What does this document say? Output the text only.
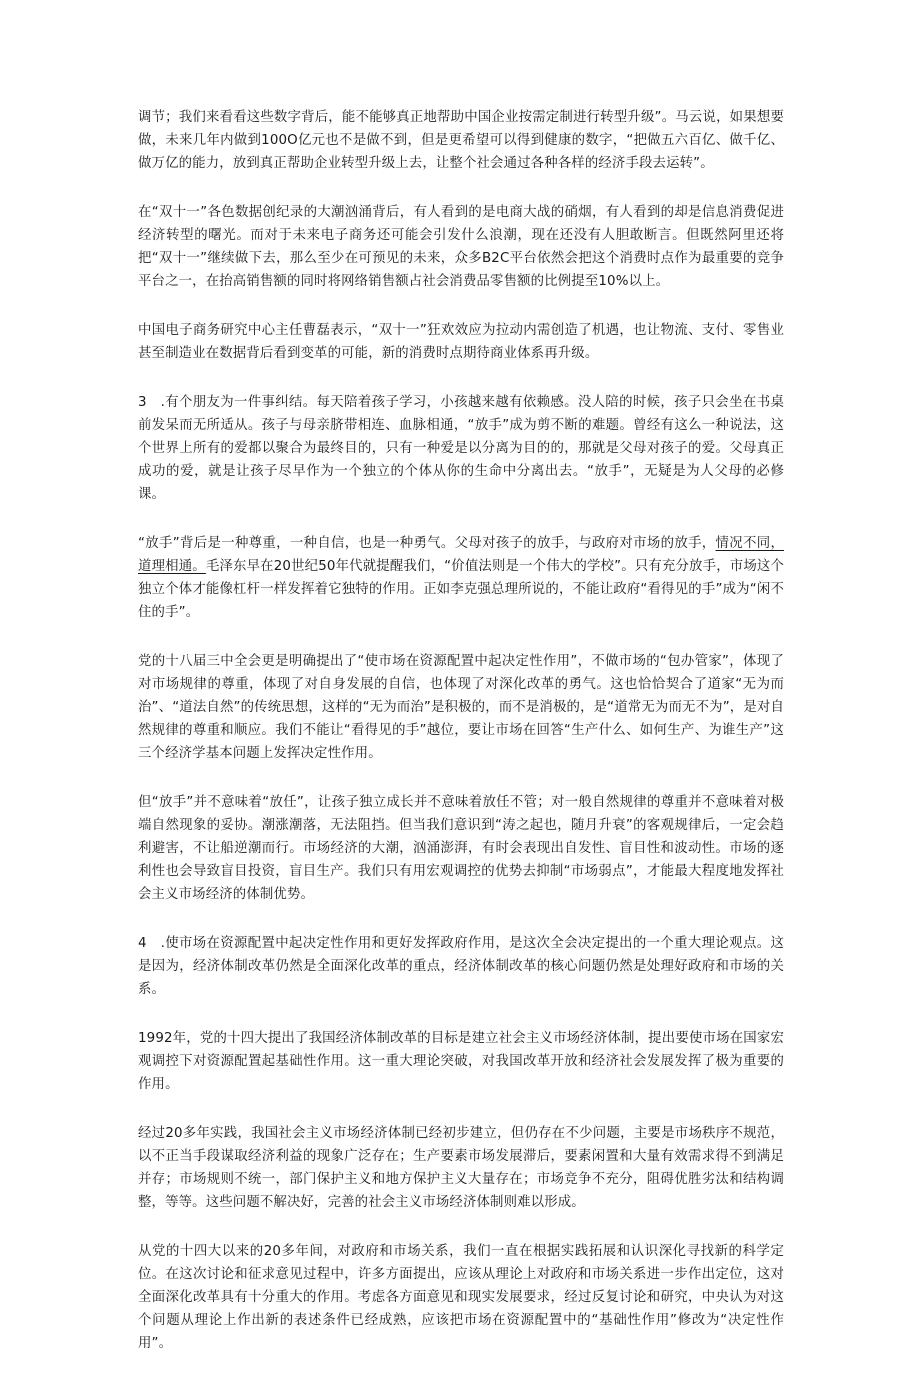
调节；我们来看看这些数字背后，能不能够真正地帮助中国企业按需定制进行转型升级”。马云说，如果想要做，未来几年内做到100O亿元也不是做不到，但是更希望可以得到健康的数字，“把做五六百亿、做千亿、做万亿的能力，放到真正帮助企业转型升级上去，让整个社会通过各种各样的经济手段去运转”。

在“双十一”各色数据创纪录的大潮汹涌背后，有人看到的是电商大战的硝烟，有人看到的却是信息消费促进经济转型的曙光。而对于未来电子商务还可能会引发什么浪潮，现在还没有人胆敢断言。但既然阿里还将把“双十一”继续做下去，那么至少在可预见的未来，众多B2C平台依然会把这个消费时点作为最重要的竞争平台之一，在抬高销售额的同时将网络销售额占社会消费品零售额的比例提至10%以上。

中国电子商务研究中心主任曹磊表示，“双十一”狂欢效应为拉动内需创造了机遇，也让物流、支付、零售业甚至制造业在数据背后看到变革的可能，新的消费时点期待商业体系再升级。

3　.有个朋友为一件事纠结。每天陪着孩子学习，小孩越来越有依赖感。没人陪的时候，孩子只会坐在书桌前发呆而无所适从。孩子与母亲脐带相连、血脉相通，“放手”成为剪不断的难题。曾经有这么一种说法，这个世界上所有的爱都以聚合为最终目的，只有一种爱是以分离为目的的，那就是父母对孩子的爱。父母真正成功的爱，就是让孩子尽早作为一个独立的个体从你的生命中分离出去。“放手”，无疑是为人父母的必修课。

“放手”背后是一种尊重，一种自信，也是一种勇气。父母对孩子的放手，与政府对市场的放手，情况不同，道理相通。毛泽东早在20世纪50年代就提醒我们，“价值法则是一个伟大的学校”。只有充分放手，市场这个独立个体才能像杠杆一样发挥着它独特的作用。正如李克强总理所说的，不能让政府“看得见的手”成为“闲不住的手”。

党的十八届三中全会更是明确提出了“使市场在资源配置中起决定性作用”，不做市场的“包办管家”，体现了对市场规律的尊重，体现了对自身发展的自信，也体现了对深化改革的勇气。这也恰恰契合了道家“无为而治”、“道法自然”的传统思想，这样的“无为而治”是积极的，而不是消极的，是“道常无为而无不为”，是对自然规律的尊重和顺应。我们不能让“看得见的手”越位，要让市场在回答“生产什么、如何生产、为谁生产”这三个经济学基本问题上发挥决定性作用。

但“放手”并不意味着“放任”，让孩子独立成长并不意味着放任不管；对一般自然规律的尊重并不意味着对极端自然现象的妥协。潮涨潮落，无法阻挡。但当我们意识到“涛之起也，随月升衰”的客观规律后，一定会趋利避害，不让船逆潮而行。市场经济的大潮，汹涌澎湃，有时会表现出自发性、盲目性和波动性。市场的逐利性也会导致盲目投资，盲目生产。我们只有用宏观调控的优势去抑制“市场弱点”，才能最大程度地发挥社会主义市场经济的体制优势。

4　.使市场在资源配置中起决定性作用和更好发挥政府作用，是这次全会决定提出的一个重大理论观点。这是因为，经济体制改革仍然是全面深化改革的重点，经济体制改革的核心问题仍然是处理好政府和市场的关系。

1992年，党的十四大提出了我国经济体制改革的目标是建立社会主义市场经济体制，提出要使市场在国家宏观调控下对资源配置起基础性作用。这一重大理论突破，对我国改革开放和经济社会发展发挥了极为重要的作用。

经过20多年实践，我国社会主义市场经济体制已经初步建立，但仍存在不少问题，主要是市场秩序不规范，以不正当手段谋取经济利益的现象广泛存在；生产要素市场发展滞后，要素闲置和大量有效需求得不到满足并存；市场规则不统一，部门保护主义和地方保护主义大量存在；市场竞争不充分，阻碍优胜劣汰和结构调整，等等。这些问题不解决好，完善的社会主义市场经济体制则难以形成。

从党的十四大以来的20多年间，对政府和市场关系，我们一直在根据实践拓展和认识深化寻找新的科学定位。在这次讨论和征求意见过程中，许多方面提出，应该从理论上对政府和市场关系进一步作出定位，这对全面深化改革具有十分重大的作用。考虑各方面意见和现实发展要求，经过反复讨论和研究，中央认为对这个问题从理论上作出新的表述条件已经成熟，应该把市场在资源配置中的“基础性作用”修改为“决定性作用”。
